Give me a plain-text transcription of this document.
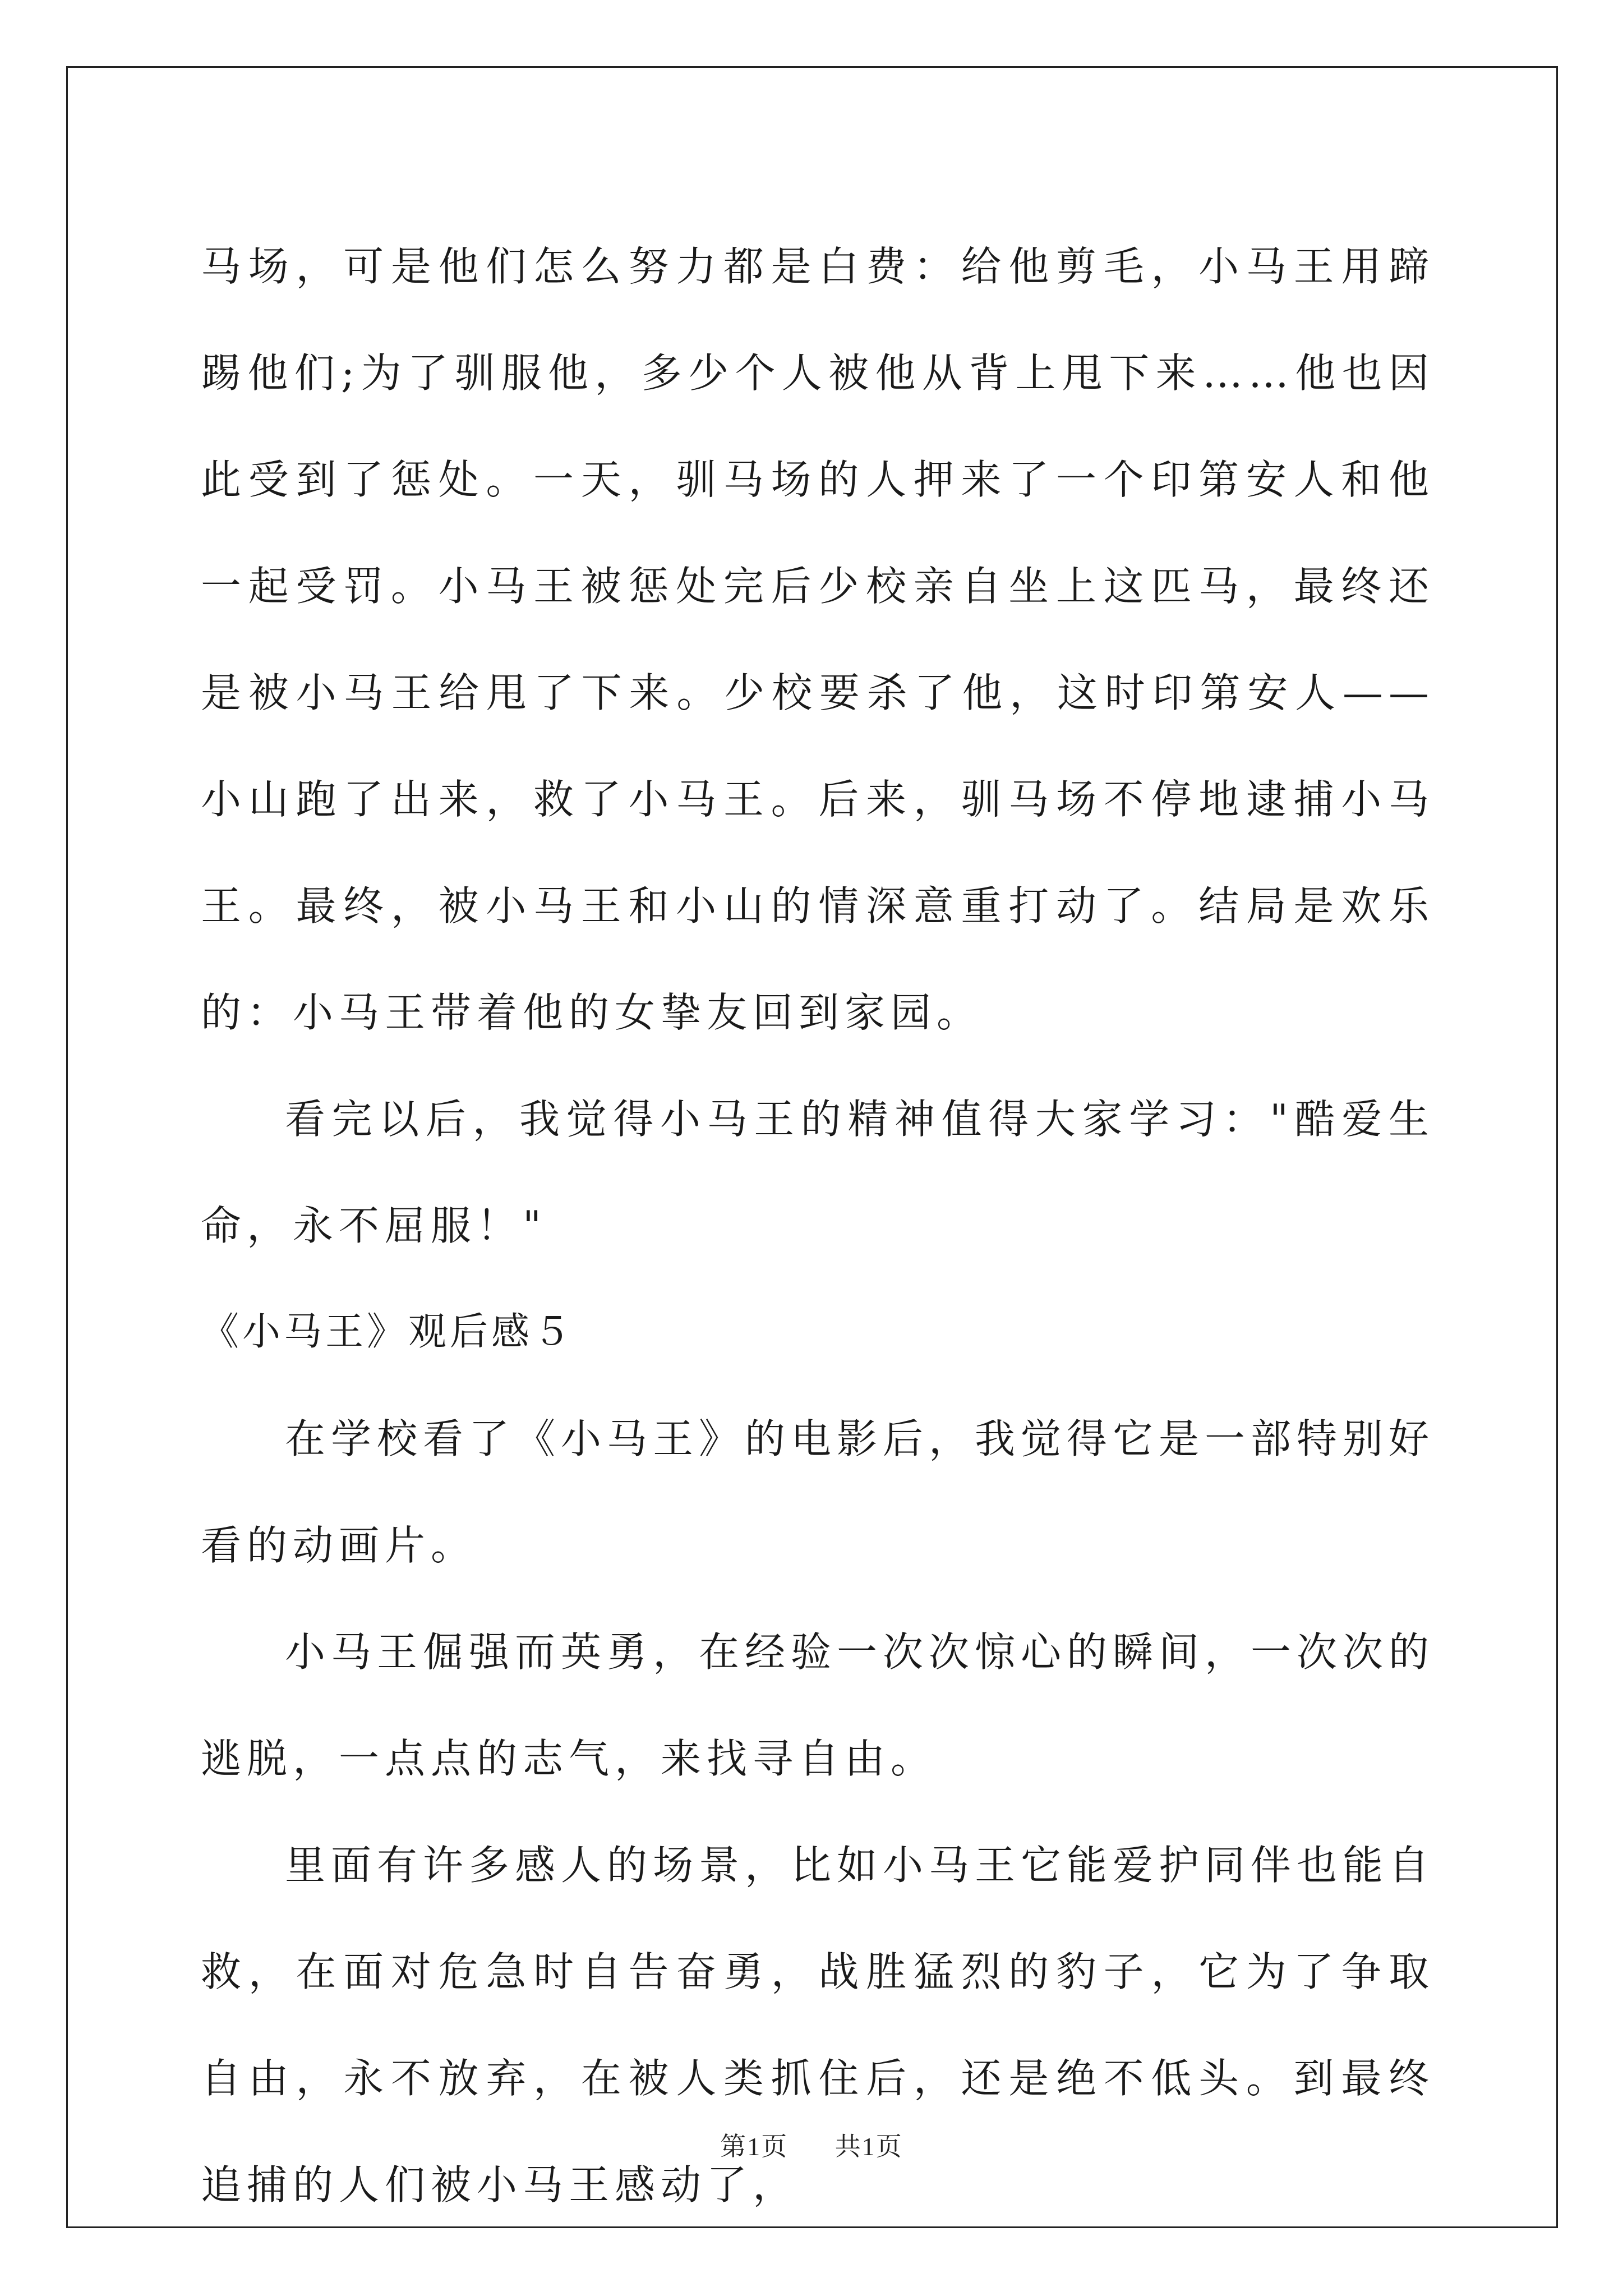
马场，可是他们怎么努力都是白费：给他剪毛，小马王用蹄踢他们;为了驯服他，多少个人被他从背上甩下来……他也因此受到了惩处。一天，驯马场的人押来了一个印第安人和他一起受罚。小马王被惩处完后少校亲自坐上这匹马，最终还是被小马王给甩了下来。少校要杀了他，这时印第安人——小山跑了出来，救了小马王。后来，驯马场不停地逮捕小马王。最终，被小马王和小山的情深意重打动了。结局是欢乐的：小马王带着他的女挚友回到家园。

看完以后，我觉得小马王的精神值得大家学习："酷爱生命，永不屈服！"

《小马王》观后感５

在学校看了《小马王》的电影后，我觉得它是一部特别好看的动画片。

小马王倔强而英勇，在经验一次次惊心的瞬间，一次次的逃脱，一点点的志气，来找寻自由。

里面有许多感人的场景，比如小马王它能爱护同伴也能自救，在面对危急时自告奋勇，战胜猛烈的豹子，它为了争取自由，永不放弃，在被人类抓住后，还是绝不低头。到最终追捕的人们被小马王感动了，

第1页 共1页
